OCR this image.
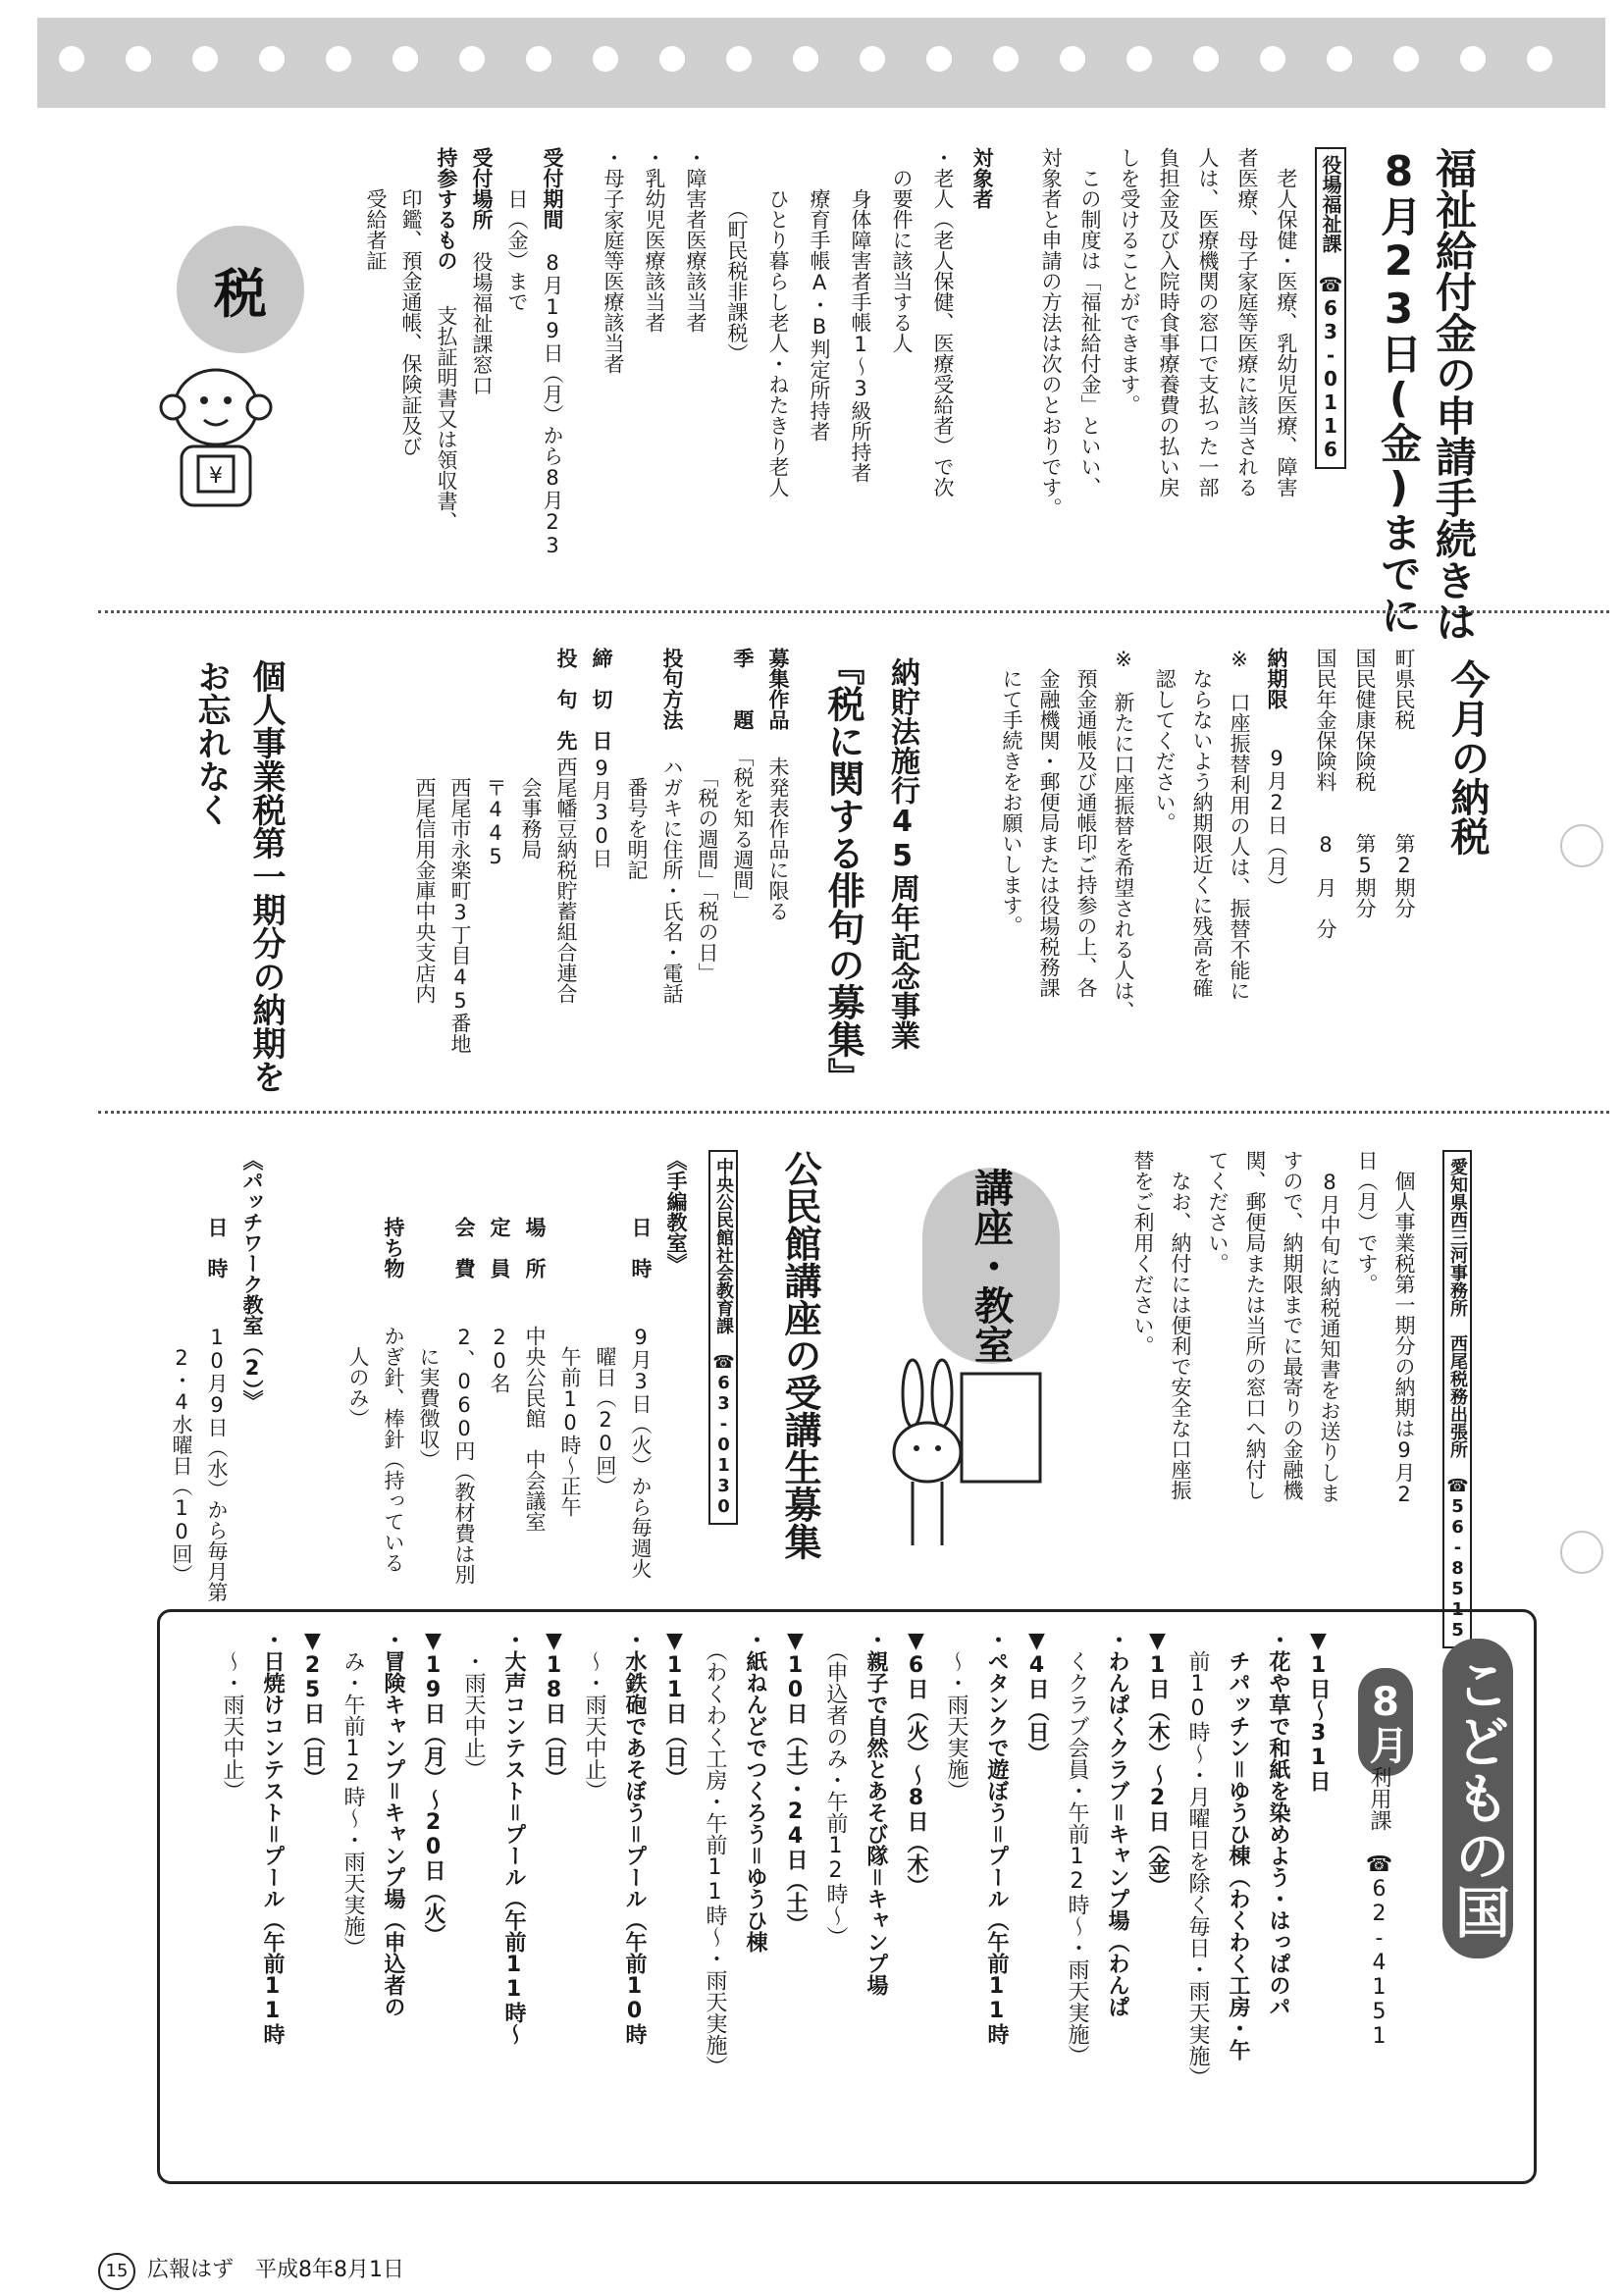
福祉給付金の申請手続きは
8月23日(金)までに
役場福祉課　☎63-0116
　老人保健・医療、乳幼児医療、障害
者医療、母子家庭等医療に該当される
人は、医療機関の窓口で支払った一部
負担金及び入院時食事療養費の払い戻
しを受けることができます。
　この制度は「福祉給付金」といい、
対象者と申請の方法は次のとおりです。
対象者
・老人（老人保健、医療受給者）で次
　の要件に該当する人
　　身体障害者手帳1～3級所持者
　　療育手帳A・B判定所持者
　　ひとり暮らし老人・ねたきり老人
　　　（町民税非課税）
・障害者医療該当者
・乳幼児医療該当者
・母子家庭等医療該当者
受付期間
　8月19日（月）から8月23
　　日（金）まで
受付場所
　役場福祉課窓口
持参するもの
　支払証明書又は領収書、
　　印鑑、預金通帳、保険証及び
　　受給者証
税
¥
今月の納税
町県民税　　　　　第2期分
国民健康保険税　　第5期分
国民年金保険料　　8　月　分
納期限
　9月2日（月）
※　口座振替利用の人は、振替不能に
　ならないよう納期限近くに残高を確
　認してください。
※　新たに口座振替を希望される人は、
　預金通帳及び通帳印ご持参の上、各
　金融機関・郵便局または役場税務課
　にて手続きをお願いします。
納貯法施行45周年記念事業
『税に関する俳句の募集』
募集作品
　未発表作品に限る
季　　題
　「税を知る週間」
　　「税の週間」「税の日」
投句方法
　ハガキに住所・氏名・電話
　　番号を明記
締　切　日
　9月30日
投　句　先
　西尾幡豆納税貯蓄組合連合
　　会事務局
　　〒445
　　西尾市永楽町3丁目45番地
　　西尾信用金庫中央支店内
個人事業税第一期分の納期を
お忘れなく
愛知県西三河事務所　西尾税務出張所　☎56-8515
　個人事業税第一期分の納期は9月2
日（月）です。
　8月中旬に納税通知書をお送りしま
すので、納期限までに最寄りの金融機
関、郵便局または当所の窓口へ納付し
てください。
　なお、納付には便利で安全な口座振
替をご利用ください。
講座・教室
公民館講座の受講生募集
中央公民館社会教育課　☎63-0130
《手編教室》
日　時
　9月3日（火）から毎週火
　　曜日（20回）
　　午前10時～正午
場　所
　中央公民館　中会議室
定　員
　20名
会　費
　2、060円（教材費は別
　　に実費徴収）
持ち物
　かぎ針、棒針（持っている
　　人のみ）
《パッチワーク教室（2）》
日　時
　10月9日（水）から毎月第
　　2・4水曜日（10回）
こどもの国
8月
利用課　☎62-4151
▼1日～31日
・花や草で和紙を染めよう・はっぱのパ
　チパッチン＝ゆうひ棟（わくわく工房・午
　前10時～・月曜日を除く毎日・雨天実施）
▼1日（木）～2日（金）
・わんぱくクラブ＝キャンプ場（わんぱ
　くクラブ会員・午前12時～・雨天実施）
▼4日（日）
・ペタンクで遊ぼう＝プール（午前11時
　～・雨天実施）
▼6日（火）～8日（木）
・親子で自然とあそび隊＝キャンプ場
　（申込者のみ・午前12時～）
▼10日（土）・24日（土）
・紙ねんどでつくろう＝ゆうひ棟
　（わくわく工房・午前11時～・雨天実施）
▼11日（日）
・水鉄砲であそぼう＝プール（午前10時
　～・雨天中止）
▼18日（日）
・大声コンテスト＝プール（午前11時～
　・雨天中止）
▼19日（月）～20日（火）
・冒険キャンプ＝キャンプ場（申込者の
　み・午前12時～・雨天実施）
▼25日（日）
・日焼けコンテスト＝プール（午前11時
　～・雨天中止）
15 広報はず　平成8年8月1日
